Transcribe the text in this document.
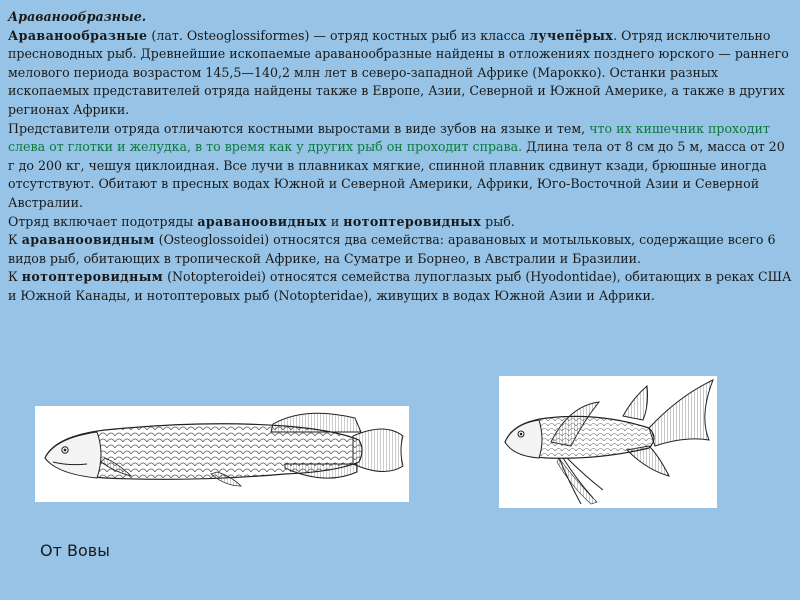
Араванообразные.

Араванообразные (лат. Osteoglossiformes) — отряд костных рыб из класса лучепёрых. Отряд исключительно пресноводных рыб. Древнейшие ископаемые араванообразные найдены в отложениях позднего юрского — раннего мелового периода возрастом 145,5—140,2 млн лет в северо-западной Африке (Марокко). Останки разных ископаемых представителей отряда найдены также в Европе, Азии, Северной и Южной Америке, а также в других регионах Африки.

Представители отряда отличаются костными выростами в виде зубов на языке и тем, что их кишечник проходит слева от глотки и желудка, в то время как у других рыб он проходит справа. Длина тела от 8 см до 5 м, масса от 20 г до 200 кг, чешуя циклоидная. Все лучи в плавниках мягкие, спинной плавник сдвинут кзади, брюшные иногда отсутствуют. Обитают в пресных водах Южной и Северной Америки, Африки, Юго-Восточной Азии и Северной Австралии.

Отряд включает подотряды араваноовидных и нотоптеровидных рыб.

К араваноовидным (Osteoglossoidei) относятся два семейства: аравановых и мотыльковых, содержащие всего 6 видов рыб, обитающих в тропической Африке, на Суматре и Борнео, в Австралии и Бразилии.

К нотоптеровидным (Notopteroidei) относятся семейства лупоглазых рыб (Hyodontidae), обитающих в реках США и Южной Канады, и нотоптеровых рыб (Notopteridae), живущих в водах Южной Азии и Африки.

От Вовы
